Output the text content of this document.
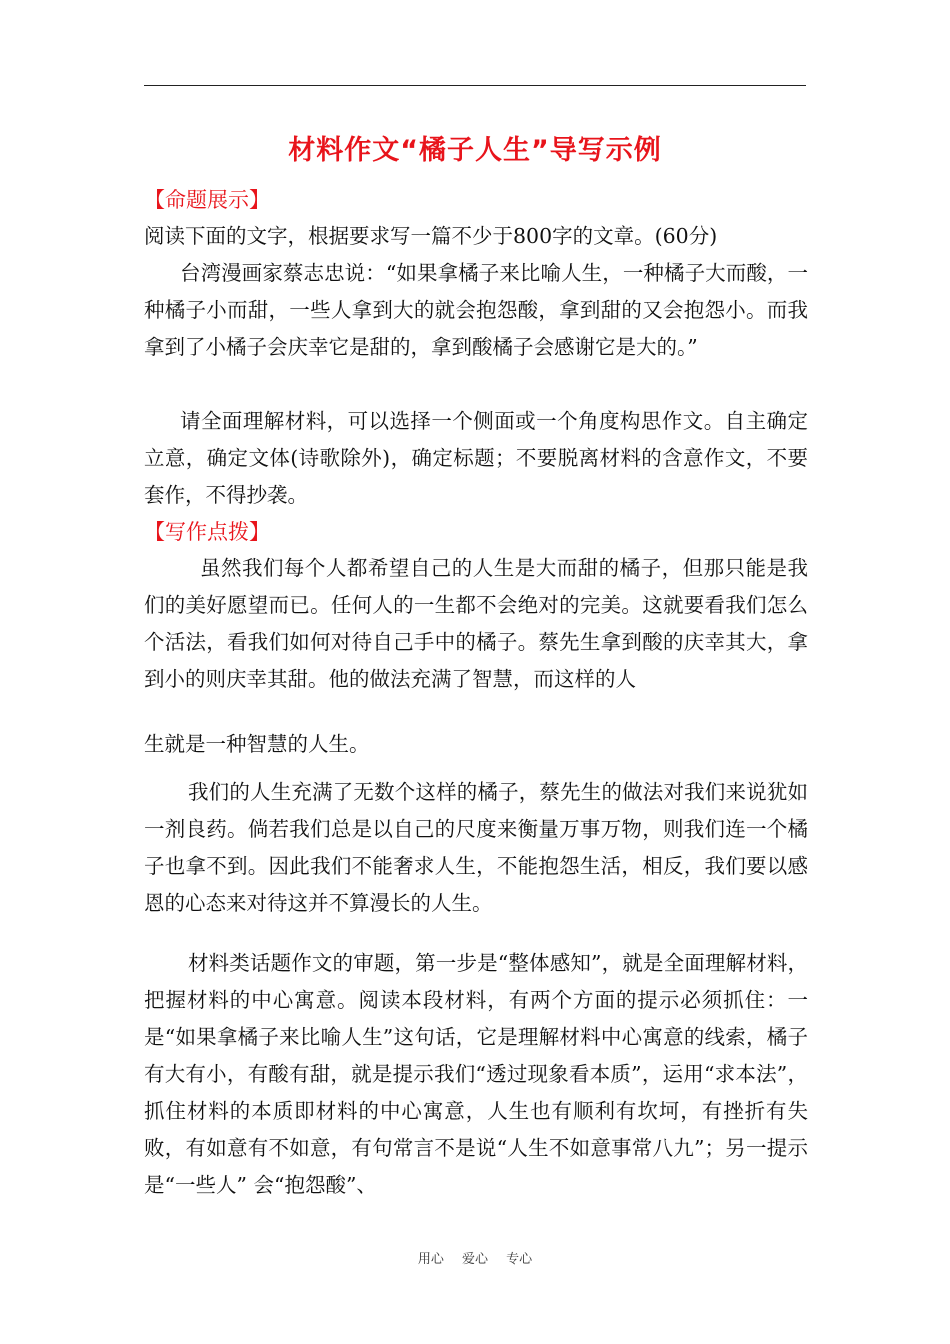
材料作文“橘子人生”导写示例
【命题展示】

阅读下面的文字，根据要求写一篇不少于800字的文章。(60分)

台湾漫画家蔡志忠说：“如果拿橘子来比喻人生，一种橘子大而酸，一种橘子小而甜，一些人拿到大的就会抱怨酸，拿到甜的又会抱怨小。而我拿到了小橘子会庆幸它是甜的，拿到酸橘子会感谢它是大的。”

请全面理解材料，可以选择一个侧面或一个角度构思作文。自主确定立意，确定文体(诗歌除外)，确定标题；不要脱离材料的含意作文，不要套作，不得抄袭。

【写作点拨】

虽然我们每个人都希望自己的人生是大而甜的橘子，但那只能是我们的美好愿望而已。任何人的一生都不会绝对的完美。这就要看我们怎么个活法，看我们如何对待自己手中的橘子。蔡先生拿到酸的庆幸其大，拿到小的则庆幸其甜。他的做法充满了智慧，而这样的人

生就是一种智慧的人生。

我们的人生充满了无数个这样的橘子，蔡先生的做法对我们来说犹如一剂良药。倘若我们总是以自己的尺度来衡量万事万物，则我们连一个橘子也拿不到。因此我们不能奢求人生，不能抱怨生活，相反，我们要以感恩的心态来对待这并不算漫长的人生。

材料类话题作文的审题，第一步是“整体感知”，就是全面理解材料，把握材料的中心寓意。阅读本段材料，有两个方面的提示必须抓住：一是“如果拿橘子来比喻人生”这句话，它是理解材料中心寓意的线索，橘子有大有小，有酸有甜，就是提示我们“透过现象看本质”，运用“求本法”，抓住材料的本质即材料的中心寓意，人生也有顺利有坎坷，有挫折有失败，有如意有不如意，有句常言不是说“人生不如意事常八九”；另一提示是“一些人” 会“抱怨酸”、

用心 爱心 专心
